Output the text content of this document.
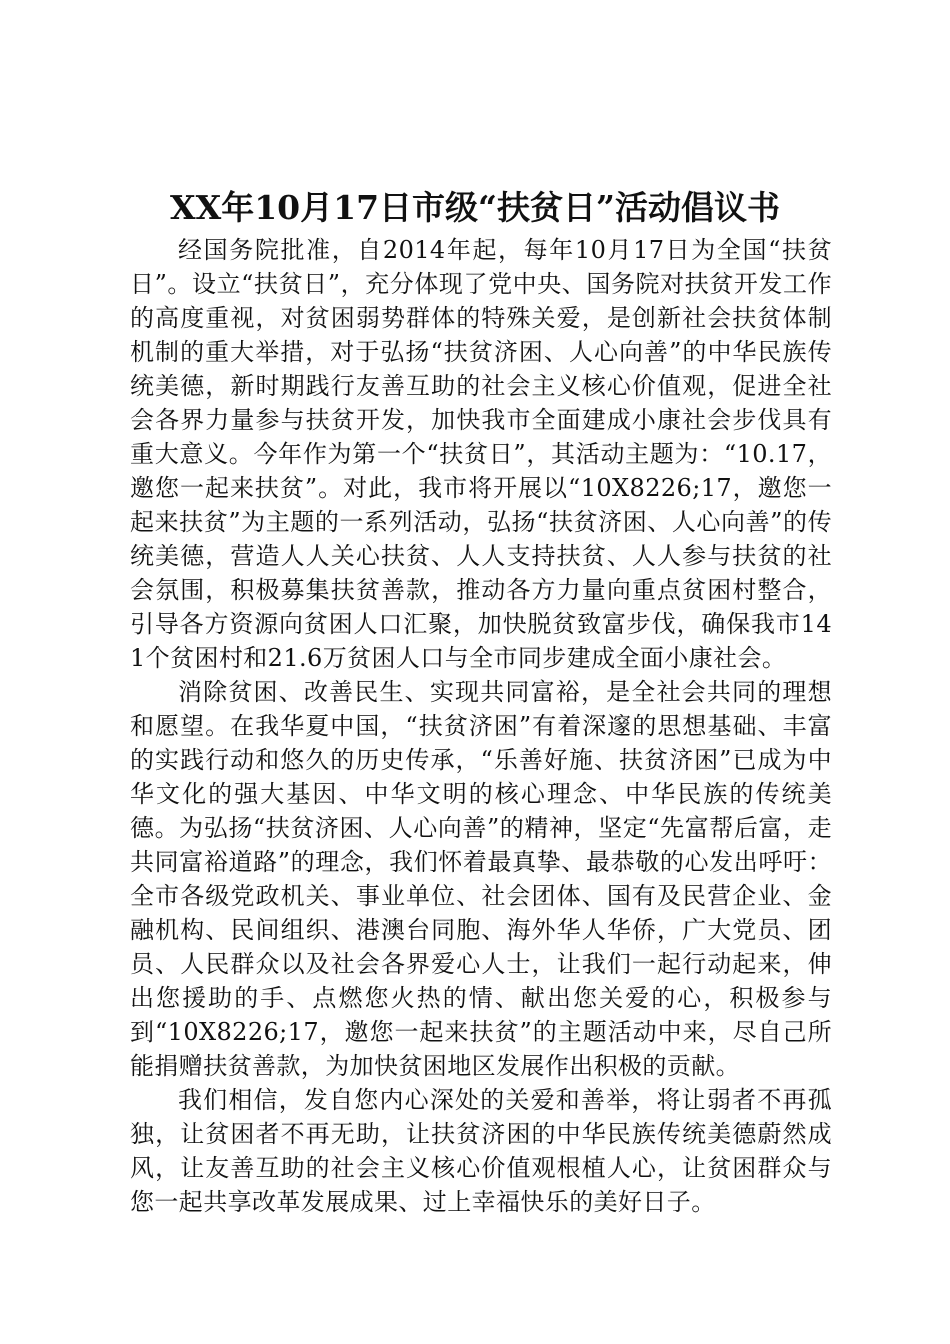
XX年10月17日市级“扶贫日”活动倡议书

经国务院批准，自2014年起，每年10月17日为全国“扶贫日”。设立“扶贫日”，充分体现了党中央、国务院对扶贫开发工作的高度重视，对贫困弱势群体的特殊关爱，是创新社会扶贫体制机制的重大举措，对于弘扬“扶贫济困、人心向善”的中华民族传统美德，新时期践行友善互助的社会主义核心价值观，促进全社会各界力量参与扶贫开发，加快我市全面建成小康社会步伐具有重大意义。今年作为第一个“扶贫日”，其活动主题为：“10.17，邀您一起来扶贫”。对此，我市将开展以“10X8226;17，邀您一起来扶贫”为主题的一系列活动，弘扬“扶贫济困、人心向善”的传统美德，营造人人关心扶贫、人人支持扶贫、人人参与扶贫的社会氛围，积极募集扶贫善款，推动各方力量向重点贫困村整合，引导各方资源向贫困人口汇聚，加快脱贫致富步伐，确保我市141个贫困村和21.6万贫困人口与全市同步建成全面小康社会。

消除贫困、改善民生、实现共同富裕，是全社会共同的理想和愿望。在我华夏中国，“扶贫济困”有着深邃的思想基础、丰富的实践行动和悠久的历史传承，“乐善好施、扶贫济困”已成为中华文化的强大基因、中华文明的核心理念、中华民族的传统美德。为弘扬“扶贫济困、人心向善”的精神，坚定“先富帮后富，走共同富裕道路”的理念，我们怀着最真挚、最恭敬的心发出呼吁：全市各级党政机关、事业单位、社会团体、国有及民营企业、金融机构、民间组织、港澳台同胞、海外华人华侨，广大党员、团员、人民群众以及社会各界爱心人士，让我们一起行动起来，伸出您援助的手、点燃您火热的情、献出您关爱的心，积极参与到“10X8226;17，邀您一起来扶贫”的主题活动中来，尽自己所能捐赠扶贫善款，为加快贫困地区发展作出积极的贡献。

我们相信，发自您内心深处的关爱和善举，将让弱者不再孤独，让贫困者不再无助，让扶贫济困的中华民族传统美德蔚然成风，让友善互助的社会主义核心价值观根植人心，让贫困群众与您一起共享改革发展成果、过上幸福快乐的美好日子。
